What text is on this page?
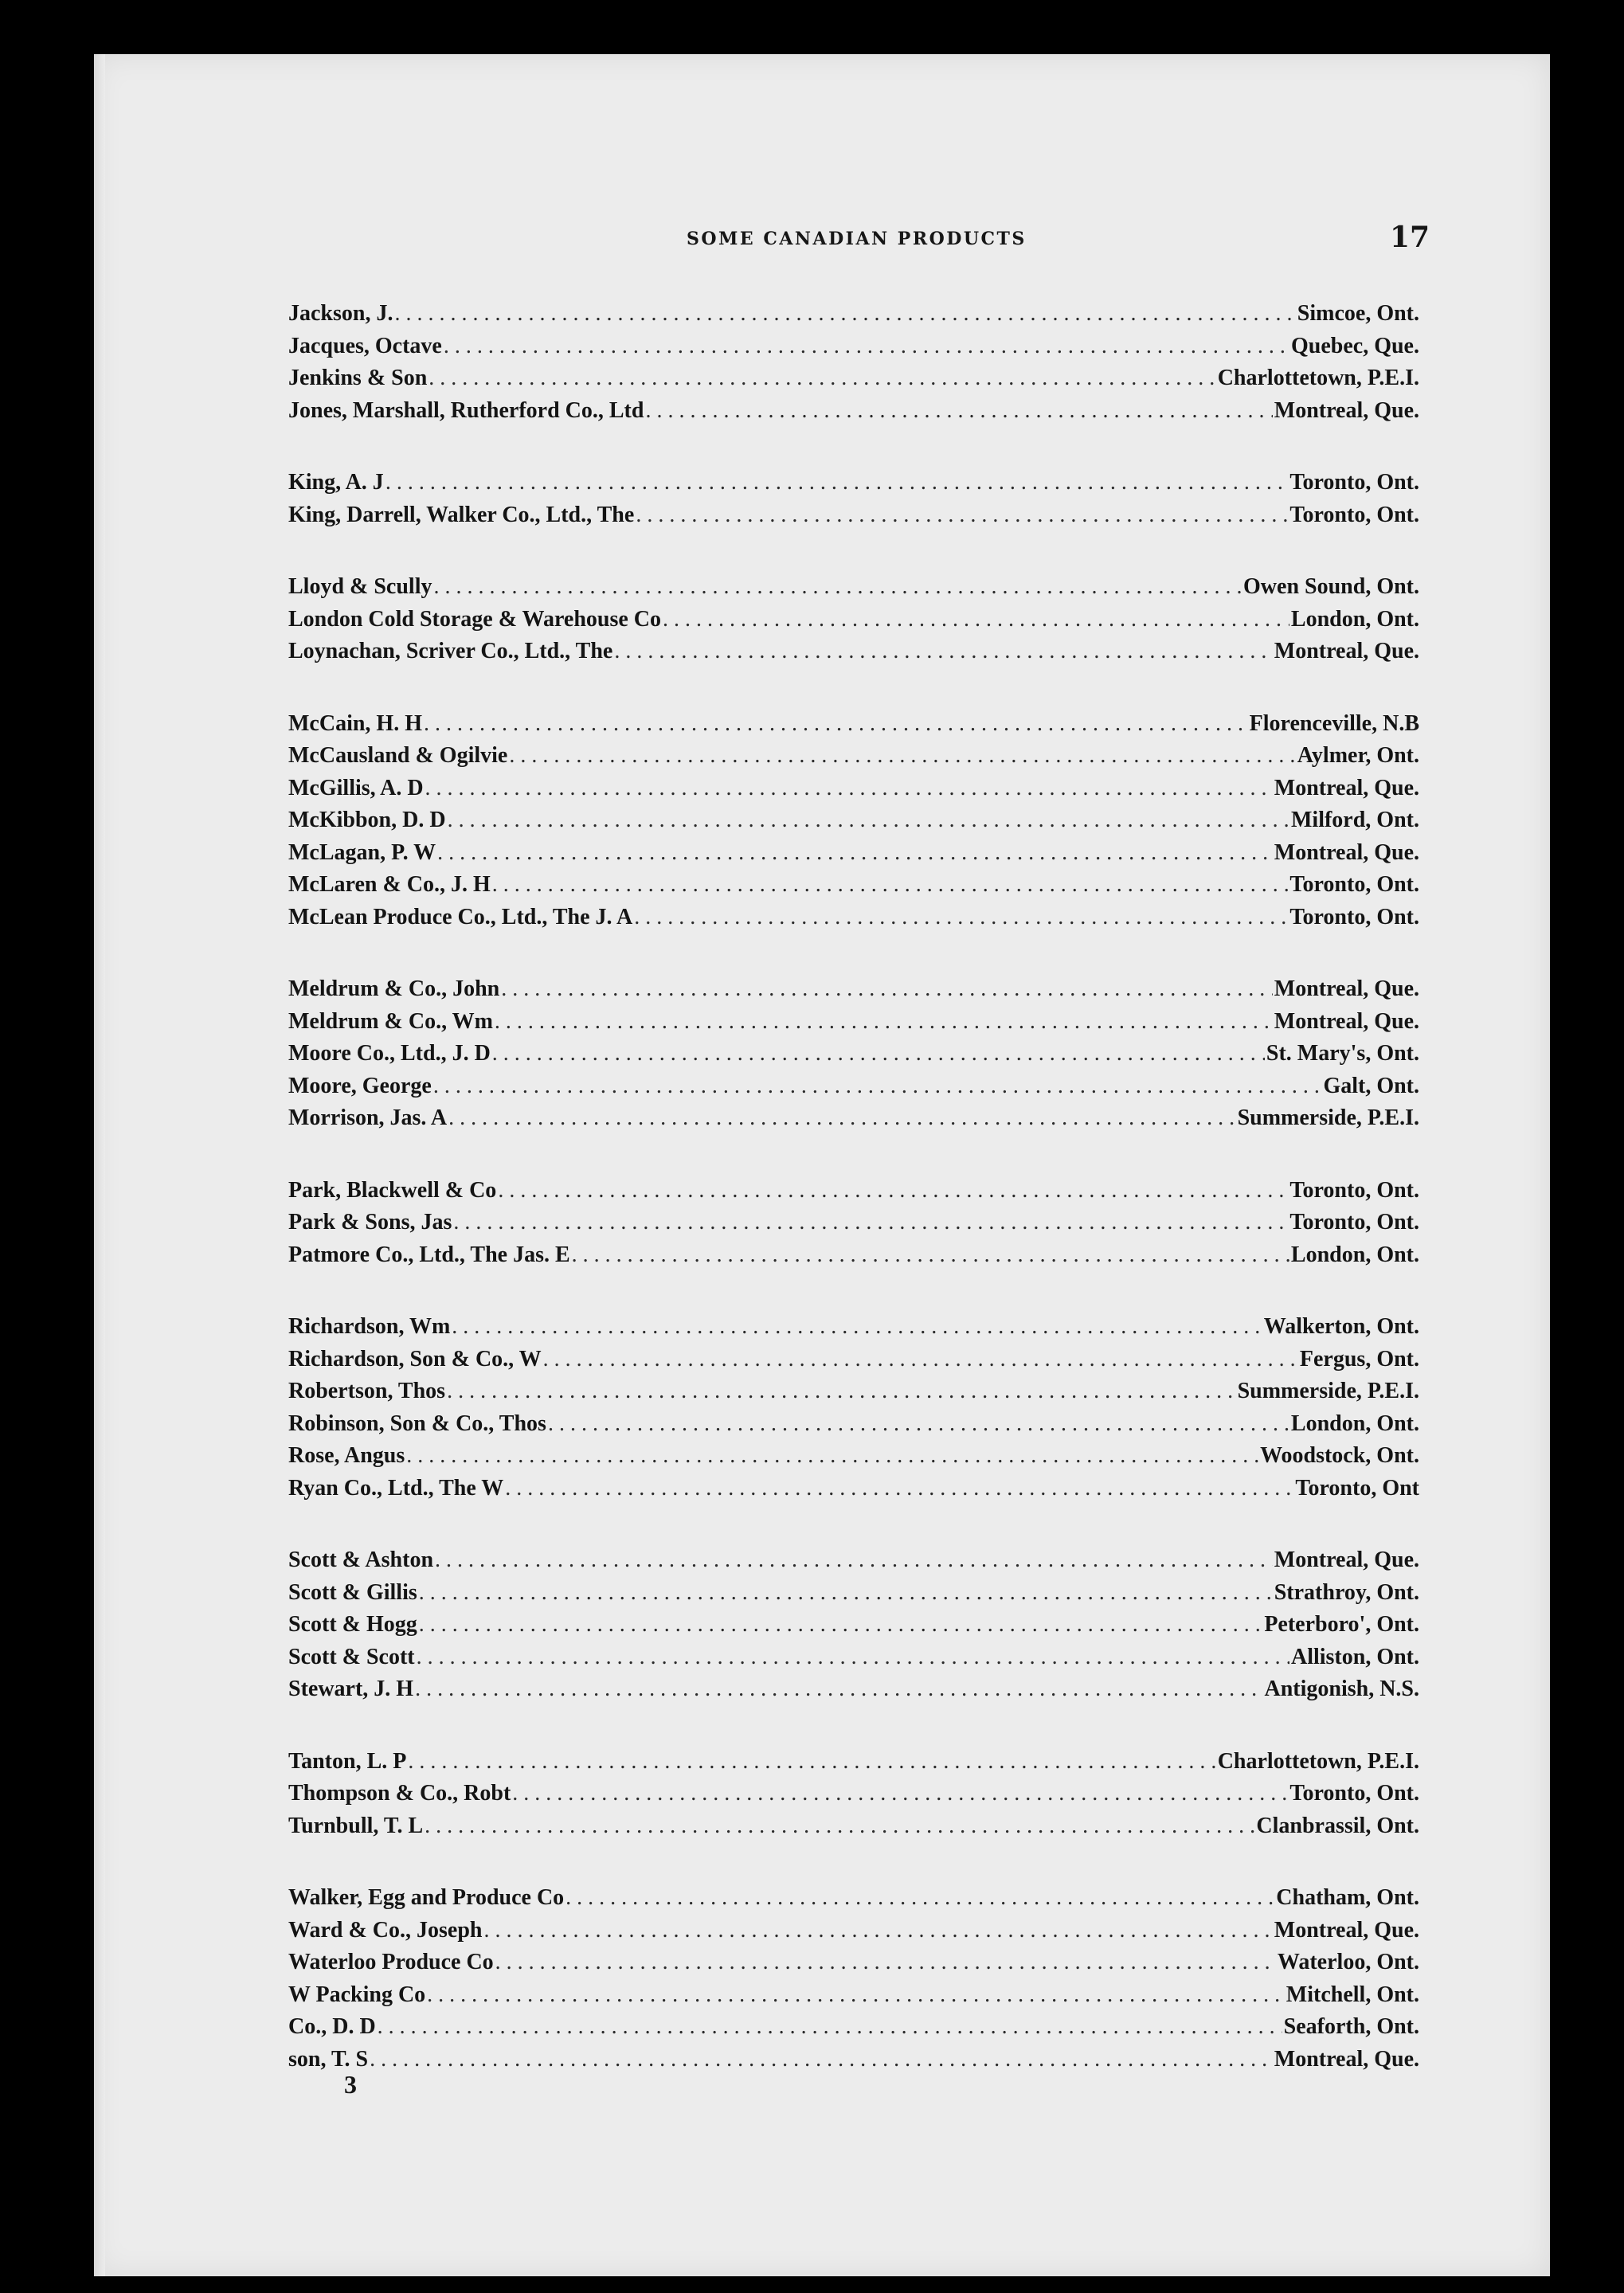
SOME CANADIAN PRODUCTS	17
Jackson, J. . . .	Simcoe, Ont.
Jacques, Octave . . .	Quebec, Que.
Jenkins & Son . . .	Charlottetown, P.E.I.
Jones, Marshall, Rutherford Co., Ltd . . .	Montreal, Que.
King, A. J . . .	Toronto, Ont.
King, Darrell, Walker Co., Ltd., The . . .	Toronto, Ont.
Lloyd & Scully . . .	Owen Sound, Ont.
London Cold Storage & Warehouse Co . . .	London, Ont.
Loynachan, Scriver Co., Ltd., The . . .	Montreal, Que.
McCain, H. H . . .	Florenceville, N.B
McCausland & Ogilvie . . .	Aylmer, Ont.
McGillis, A. D . . .	Montreal, Que.
McKibbon, D. D . . .	Milford, Ont.
McLagan, P. W . . .	Montreal, Que.
McLaren & Co., J. H . . .	Toronto, Ont.
McLean Produce Co., Ltd., The J. A . . .	Toronto, Ont.
Meldrum & Co., John . . .	Montreal, Que.
Meldrum & Co., Wm . . .	Montreal, Que.
Moore Co., Ltd., J. D . . .	St. Mary's, Ont.
Moore, George . . .	Galt, Ont.
Morrison, Jas. A . . .	Summerside, P.E.I.
Park, Blackwell & Co . . .	Toronto, Ont.
Park & Sons, Jas . . .	Toronto, Ont.
Patmore Co., Ltd., The Jas. E . . .	London, Ont.
Richardson, Wm . . .	Walkerton, Ont.
Richardson, Son & Co., W . . .	Fergus, Ont.
Robertson, Thos . . .	Summerside, P.E.I.
Robinson, Son & Co., Thos . . .	London, Ont.
Rose, Angus . . .	Woodstock, Ont.
Ryan Co., Ltd., The W . . .	Toronto, Ont
Scott & Ashton . . .	Montreal, Que.
Scott & Gillis . . .	Strathroy, Ont.
Scott & Hogg . . .	Peterboro', Ont.
Scott & Scott . . .	Alliston, Ont.
Stewart, J. H . . .	Antigonish, N.S.
Tanton, L. P . . .	Charlottetown, P.E.I.
Thompson & Co., Robt . . .	Toronto, Ont.
Turnbull, T. L . . .	Clanbrassil, Ont.
Walker, Egg and Produce Co . . .	Chatham, Ont.
Ward & Co., Joseph . . .	Montreal, Que.
Waterloo Produce Co . . .	Waterloo, Ont.
W Packing Co . . .	Mitchell, Ont.
Co., D. D . . .	Seaforth, Ont.
son, T. S . . .	Montreal, Que.
3
